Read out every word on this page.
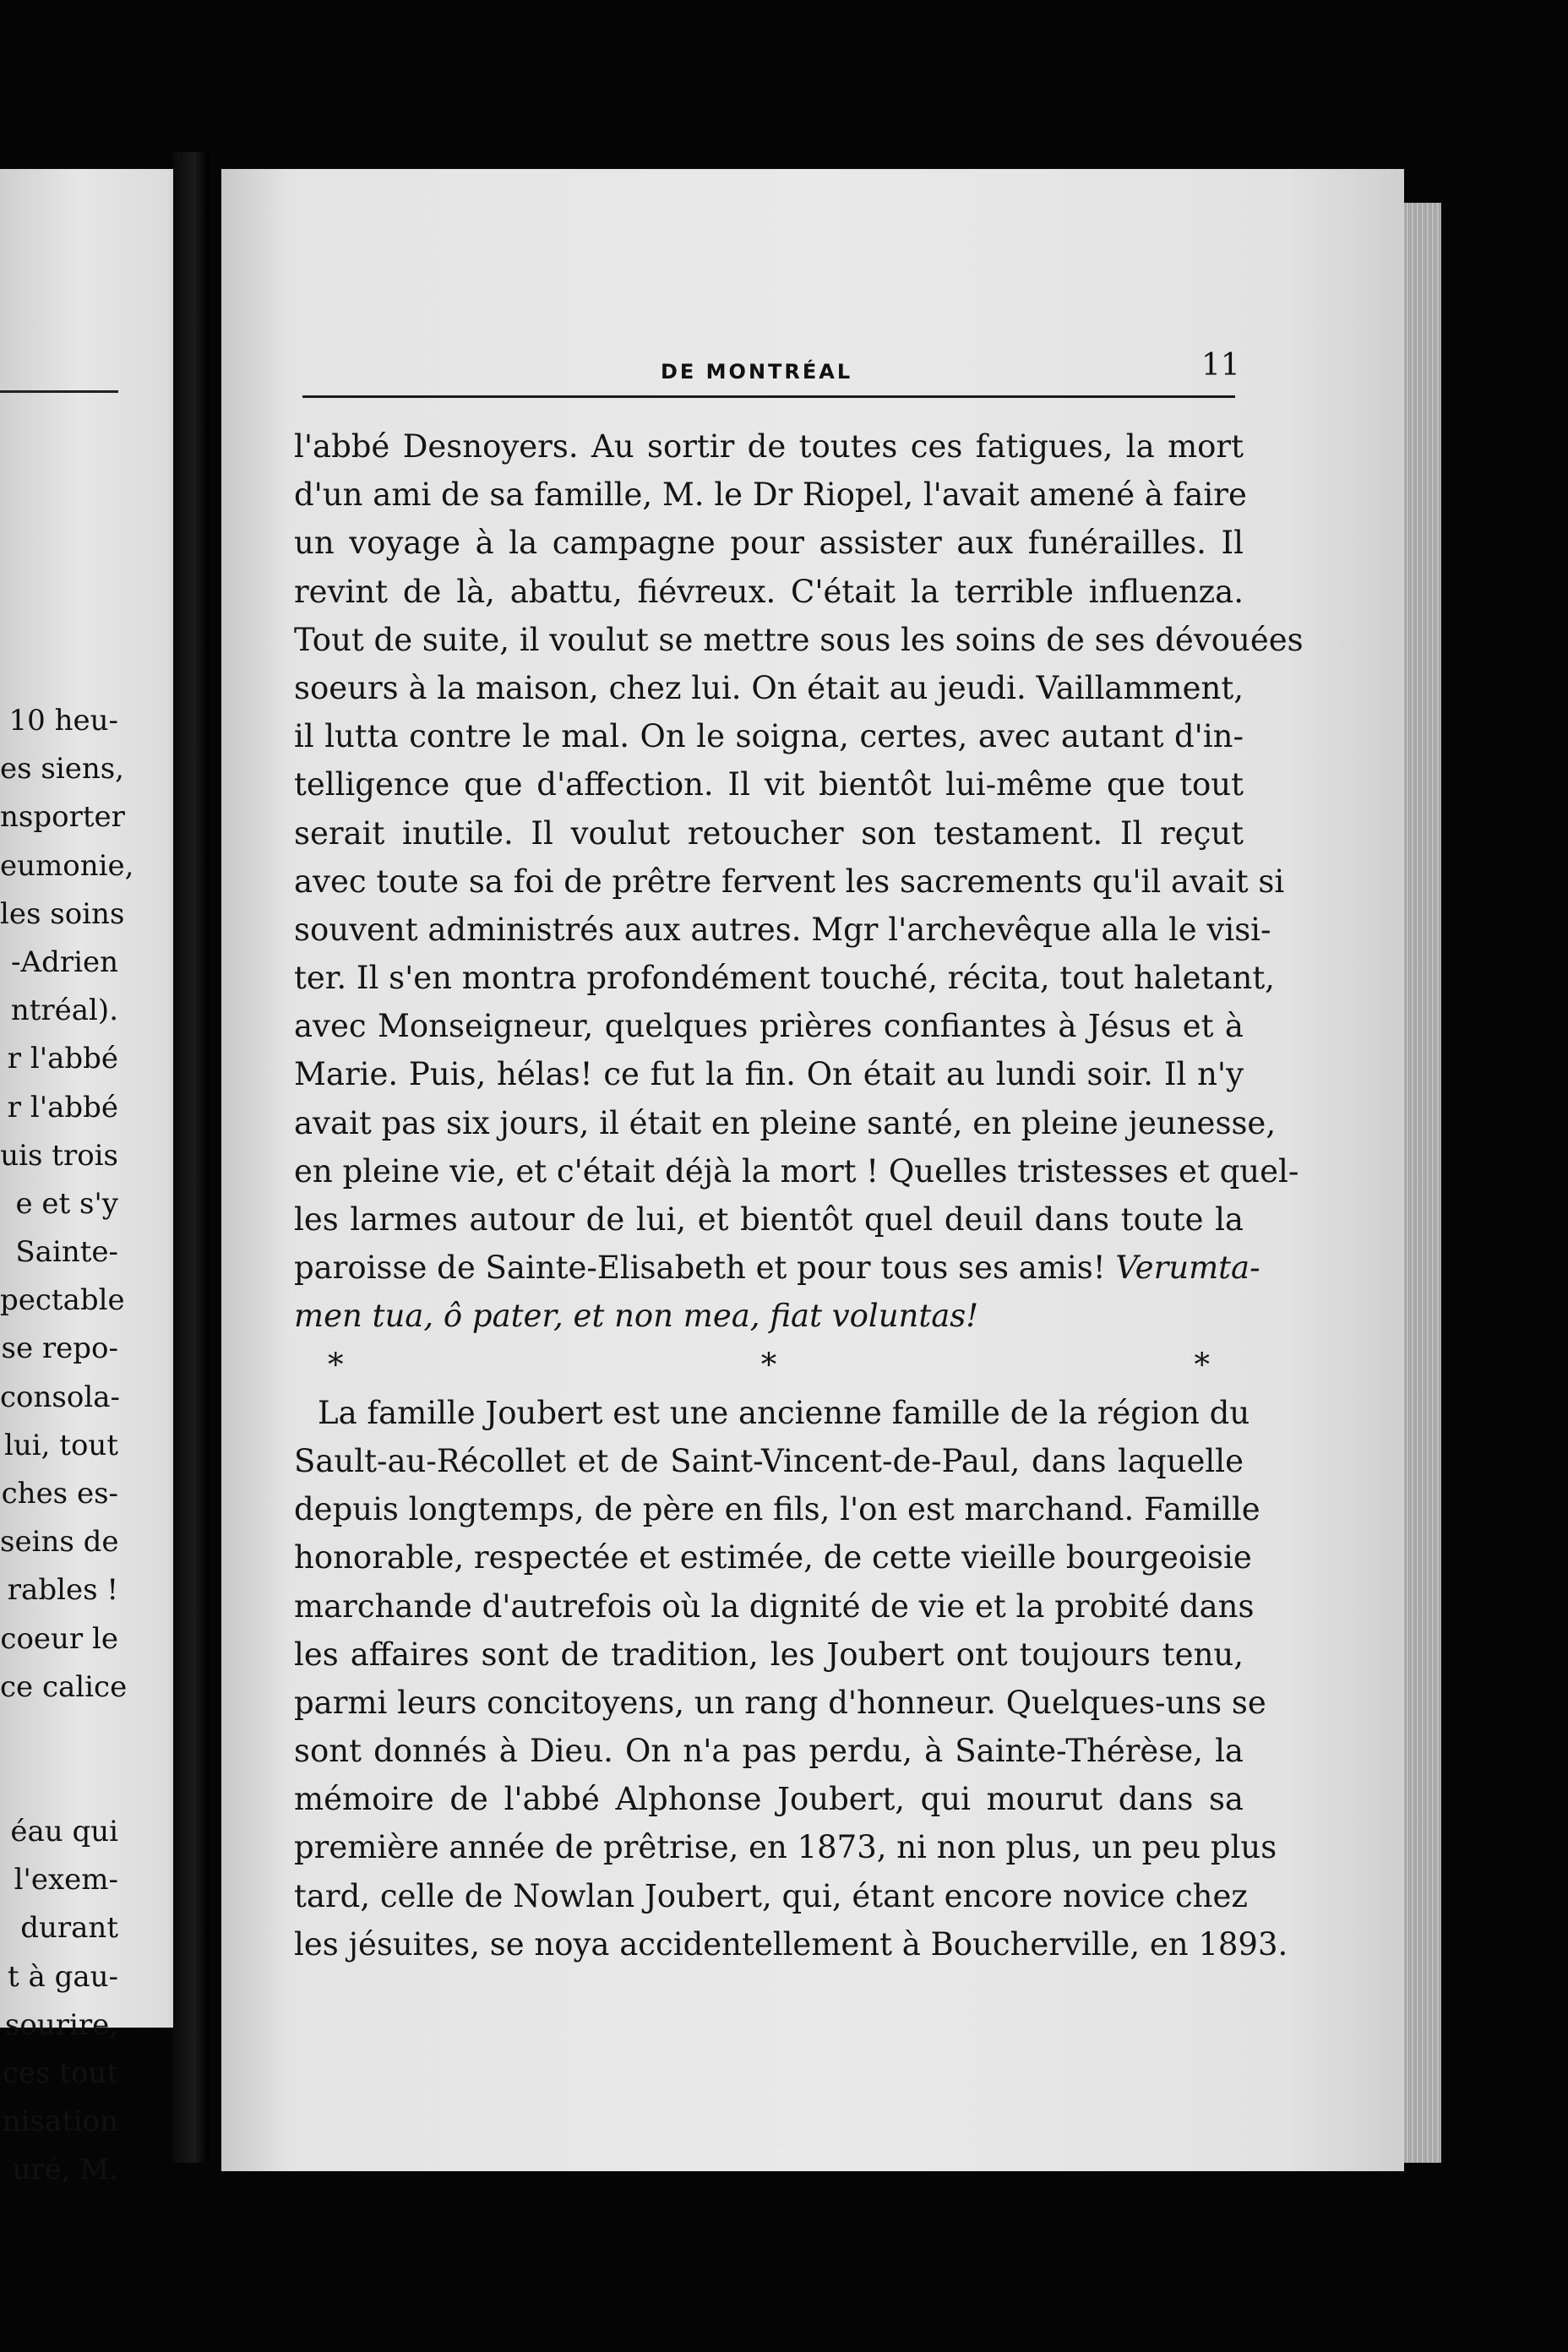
10 heu-
es siens,
nsporter
eumonie,
les soins
-Adrien
ntréal).
r l'abbé
r l'abbé
uis trois
e et s'y
Sainte-
pectable
se repo-
consola-
lui, tout
ches es-
seins de
rables !
coeur le
ce calice
éau qui
l'exem-
durant
t à gau-
sourire,
ces tout
nisation
uré, M.
DE MONTRÉAL	11
l'abbé Desnoyers. Au sortir de toutes ces fatigues, la mort
d'un ami de sa famille, M. le Dr Riopel, l'avait amené à faire
un voyage à la campagne pour assister aux funérailles. Il
revint de là, abattu, fiévreux. C'était la terrible influenza.
Tout de suite, il voulut se mettre sous les soins de ses dévouées
soeurs à la maison, chez lui. On était au jeudi. Vaillamment,
il lutta contre le mal. On le soigna, certes, avec autant d'in-
telligence que d'affection. Il vit bientôt lui-même que tout
serait inutile. Il voulut retoucher son testament. Il reçut
avec toute sa foi de prêtre fervent les sacrements qu'il avait si
souvent administrés aux autres. Mgr l'archevêque alla le visi-
ter. Il s'en montra profondément touché, récita, tout haletant,
avec Monseigneur, quelques prières confiantes à Jésus et à
Marie. Puis, hélas! ce fut la fin. On était au lundi soir. Il n'y
avait pas six jours, il était en pleine santé, en pleine jeunesse,
en pleine vie, et c'était déjà la mort ! Quelles tristesses et quel-
les larmes autour de lui, et bientôt quel deuil dans toute la
paroisse de Sainte-Elisabeth et pour tous ses amis! Verumta-
men tua, ô pater, et non mea, fiat voluntas!
* * *
La famille Joubert est une ancienne famille de la région du
Sault-au-Récollet et de Saint-Vincent-de-Paul, dans laquelle
depuis longtemps, de père en fils, l'on est marchand. Famille
honorable, respectée et estimée, de cette vieille bourgeoisie
marchande d'autrefois où la dignité de vie et la probité dans
les affaires sont de tradition, les Joubert ont toujours tenu,
parmi leurs concitoyens, un rang d'honneur. Quelques-uns se
sont donnés à Dieu. On n'a pas perdu, à Sainte-Thérèse, la
mémoire de l'abbé Alphonse Joubert, qui mourut dans sa
première année de prêtrise, en 1873, ni non plus, un peu plus
tard, celle de Nowlan Joubert, qui, étant encore novice chez
les jésuites, se noya accidentellement à Boucherville, en 1893.
